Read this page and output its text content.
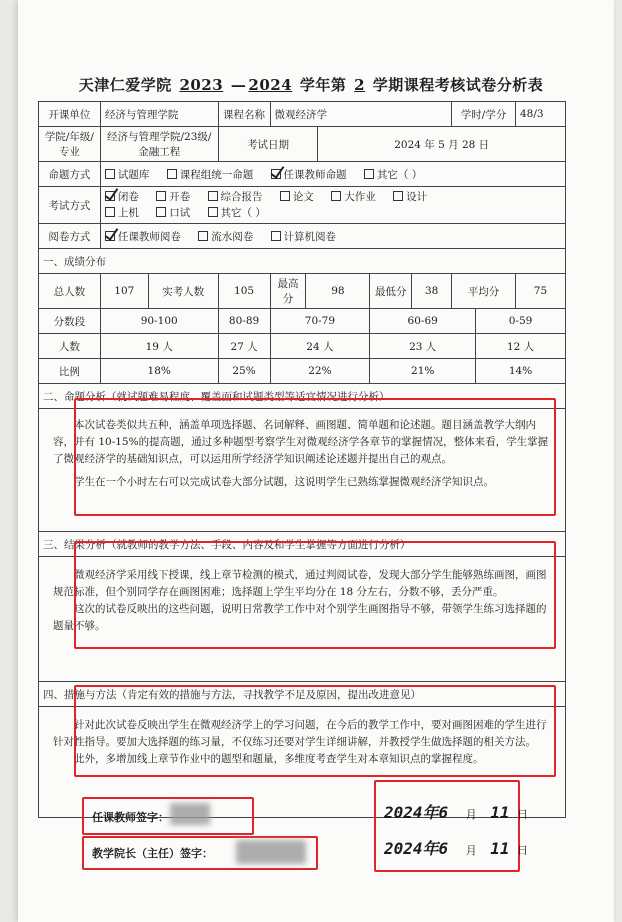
天津仁爱学院 2023 — 2024 学年第 2 学期课程考核试卷分析表
开课单位	经济与管理学院		课程名称	微观经济学					学时/学分		48/3
学院/年级/专业	经济与管理学院/23级/金融工程		考试日期			2024 年 5 月 28 日					
命题方式	试题库 课程组统一命题 任课教师命题 其它（ ）										
考试方式	闭卷 开卷 综合报告 论文 大作业 设计
上机 口试 其它（ ）										
阅卷方式	任课教师阅卷 流水阅卷 计算机阅卷										
一、成绩分布											
总人数	107	实考人数	105	最高分	98		最低分	38	平均分		75
分数段	90-100		80-89	70-79			60-69			0-59	
人数	19 人		27 人	24 人			23 人			12 人	
比例	18%		25%	22%			21%			14%	
二、命题分析（就试题难易程度、覆盖面和试题类型等适宜情况进行分析）											

本次试卷类似共五种，涵盖单项选择题、名词解释、画图题、简单题和论述题。题目涵盖教学大纲内容，并有 10-15%的提高题，通过多种题型考察学生对微观经济学各章节的掌握情况，整体来看，学生掌握了微观经济学的基础知识点，可以运用所学经济学知识阐述论述题并提出自己的观点。

学生在一个小时左右可以完成试卷大部分试题，这说明学生已熟练掌握微观经济学知识点。											

三、结果分析（就教师的教学方法、手段、内容及和学生掌握等方面进行分析）											

微观经济学采用线下授课，线上章节检测的模式，通过判阅试卷，发现大部分学生能够熟练画图，画图规范标准，但个别同学存在画图困难；选择题上学生平均分在 18 分左右，分数不够，丢分严重。

这次的试卷反映出的这些问题，说明日常教学工作中对个别学生画图指导不够，带领学生练习选择题的题量不够。											

四、措施与方法（肯定有效的措施与方法，寻找教学不足及原因，提出改进意见）											

针对此次试卷反映出学生在微观经济学上的学习问题，在今后的教学工作中，要对画图困难的学生进行针对性指导。要加大选择题的练习量，不仅练习还要对学生详细讲解，并教授学生做选择题的相关方法。

此外，多增加线上章节作业中的题型和题量，多维度考查学生对本章知识点的掌握程度。											

任课教师签字：
教学院长（主任）签字：
2024年6 月 11 日
2024年6 月 11 日
